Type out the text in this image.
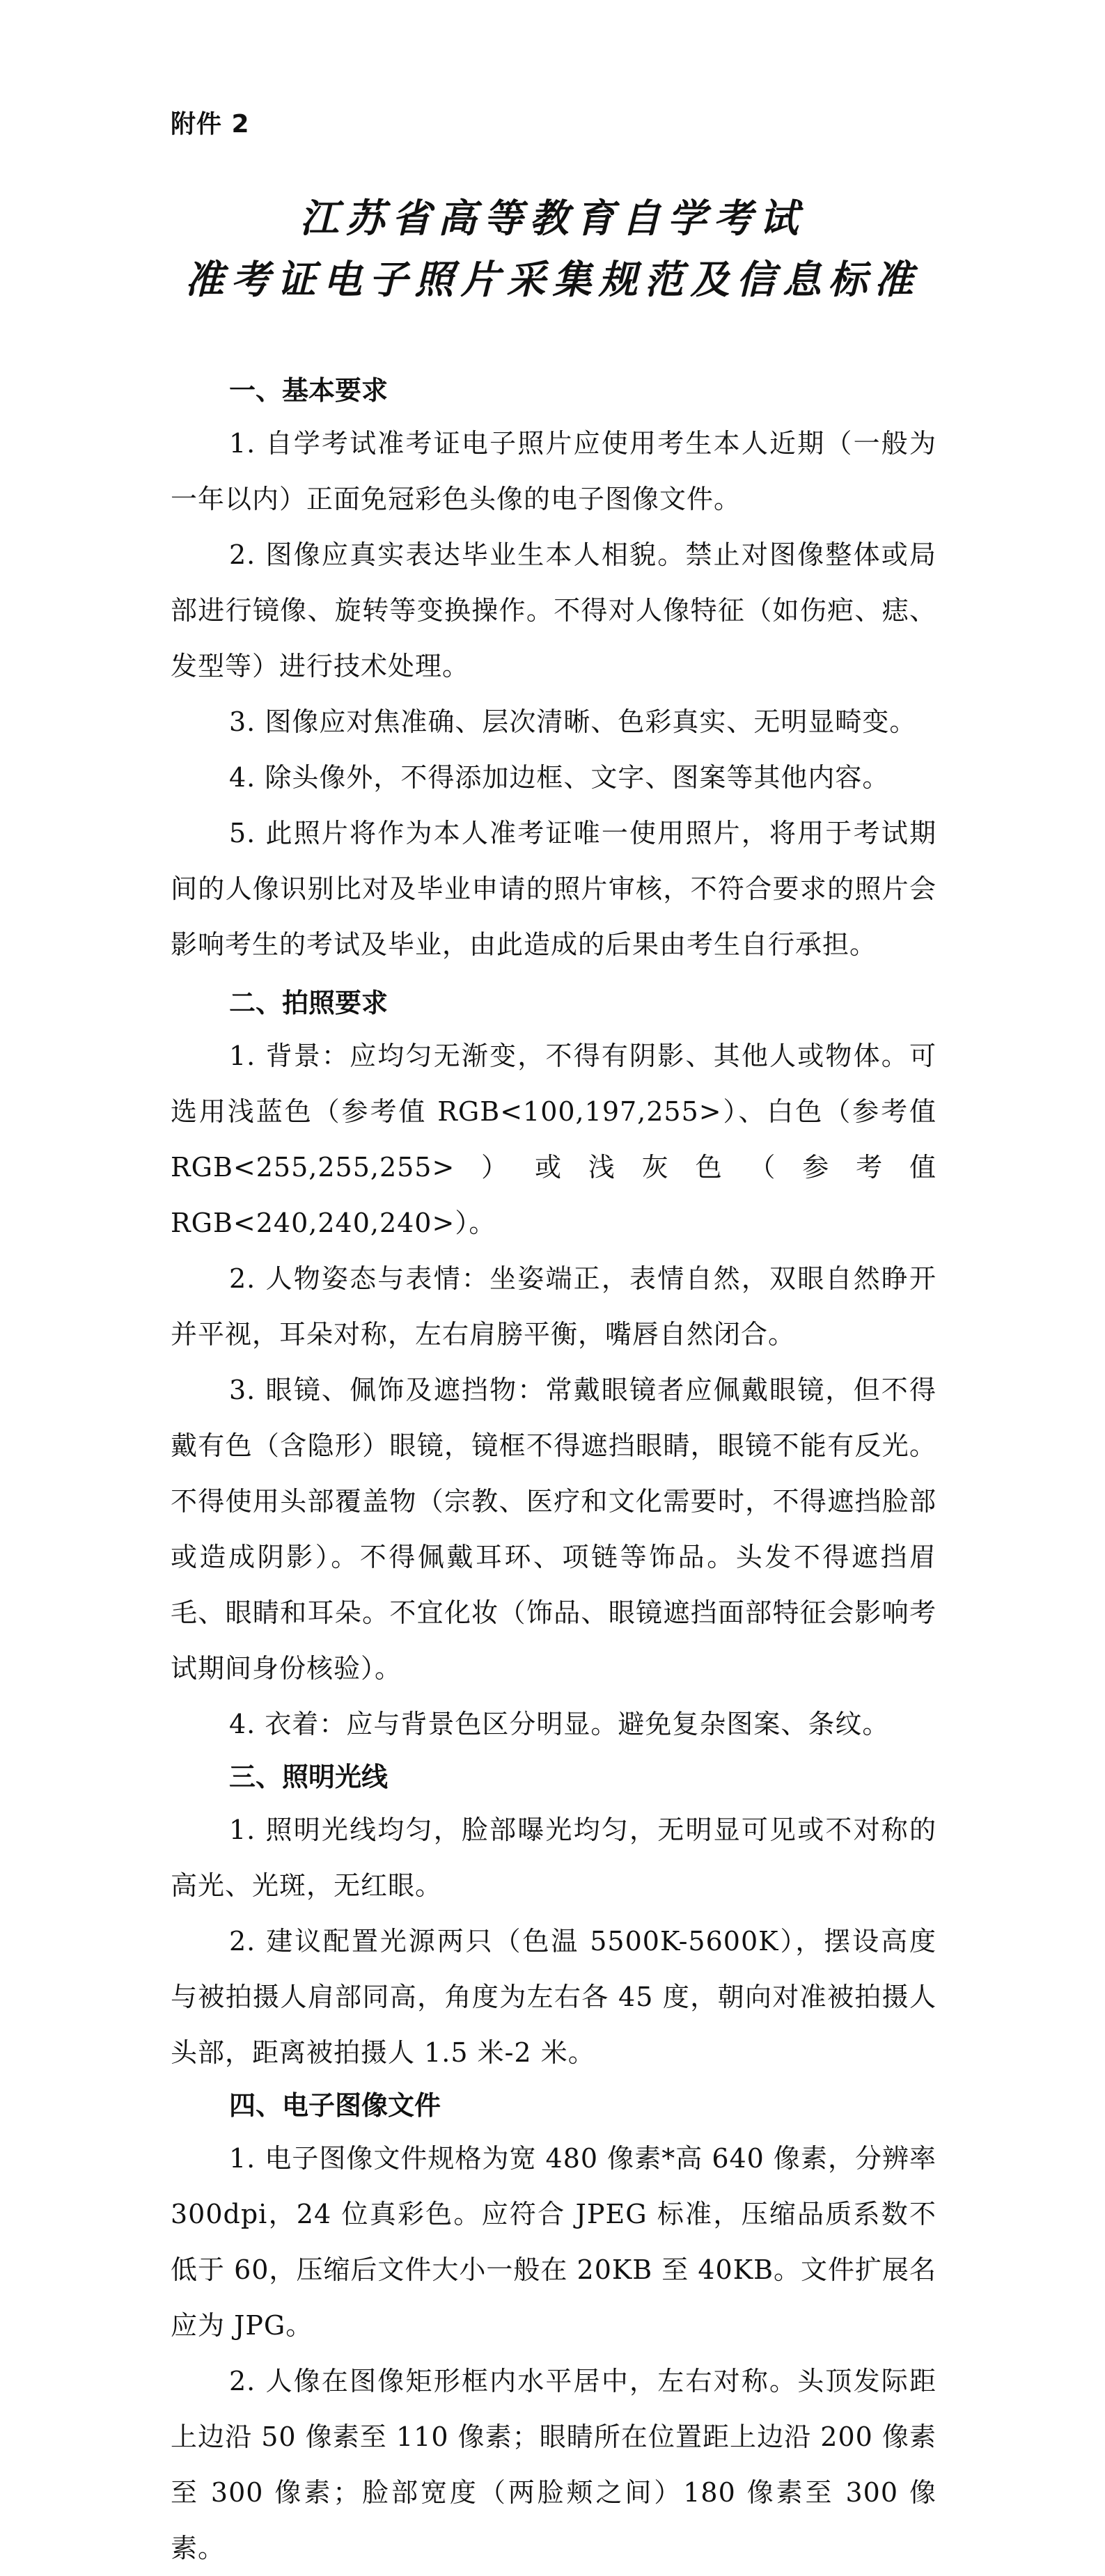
附件 2
江苏省高等教育自学考试
准考证电子照片采集规范及信息标准
一、基本要求

1. 自学考试准考证电子照片应使用考生本人近期（一般为一年以内）正面免冠彩色头像的电子图像文件。

2. 图像应真实表达毕业生本人相貌。禁止对图像整体或局部进行镜像、旋转等变换操作。不得对人像特征（如伤疤、痣、发型等）进行技术处理。

3. 图像应对焦准确、层次清晰、色彩真实、无明显畸变。

4. 除头像外，不得添加边框、文字、图案等其他内容。

5. 此照片将作为本人准考证唯一使用照片，将用于考试期间的人像识别比对及毕业申请的照片审核，不符合要求的照片会影响考生的考试及毕业，由此造成的后果由考生自行承担。

二、拍照要求

1. 背景：应均匀无渐变，不得有阴影、其他人或物体。可选用浅蓝色（参考值 RGB<100,197,255>）、白色（参考值 RGB<255,255,255>）或浅灰色（参考值 RGB<240,240,240>）。

2. 人物姿态与表情：坐姿端正，表情自然，双眼自然睁开并平视，耳朵对称，左右肩膀平衡，嘴唇自然闭合。

3. 眼镜、佩饰及遮挡物：常戴眼镜者应佩戴眼镜，但不得戴有色（含隐形）眼镜，镜框不得遮挡眼睛，眼镜不能有反光。不得使用头部覆盖物（宗教、医疗和文化需要时，不得遮挡脸部或造成阴影）。不得佩戴耳环、项链等饰品。头发不得遮挡眉毛、眼睛和耳朵。不宜化妆（饰品、眼镜遮挡面部特征会影响考试期间身份核验）。

4. 衣着：应与背景色区分明显。避免复杂图案、条纹。

三、照明光线

1. 照明光线均匀，脸部曝光均匀，无明显可见或不对称的高光、光斑，无红眼。

2. 建议配置光源两只（色温 5500K-5600K），摆设高度与被拍摄人肩部同高，角度为左右各 45 度，朝向对准被拍摄人头部，距离被拍摄人 1.5 米-2 米。

四、电子图像文件

1. 电子图像文件规格为宽 480 像素*高 640 像素，分辨率 300dpi，24 位真彩色。应符合 JPEG 标准，压缩品质系数不低于 60，压缩后文件大小一般在 20KB 至 40KB。文件扩展名应为 JPG。

2. 人像在图像矩形框内水平居中，左右对称。头顶发际距上边沿 50 像素至 110 像素；眼睛所在位置距上边沿 200 像素至 300 像素；脸部宽度（两脸颊之间）180 像素至 300 像素。
